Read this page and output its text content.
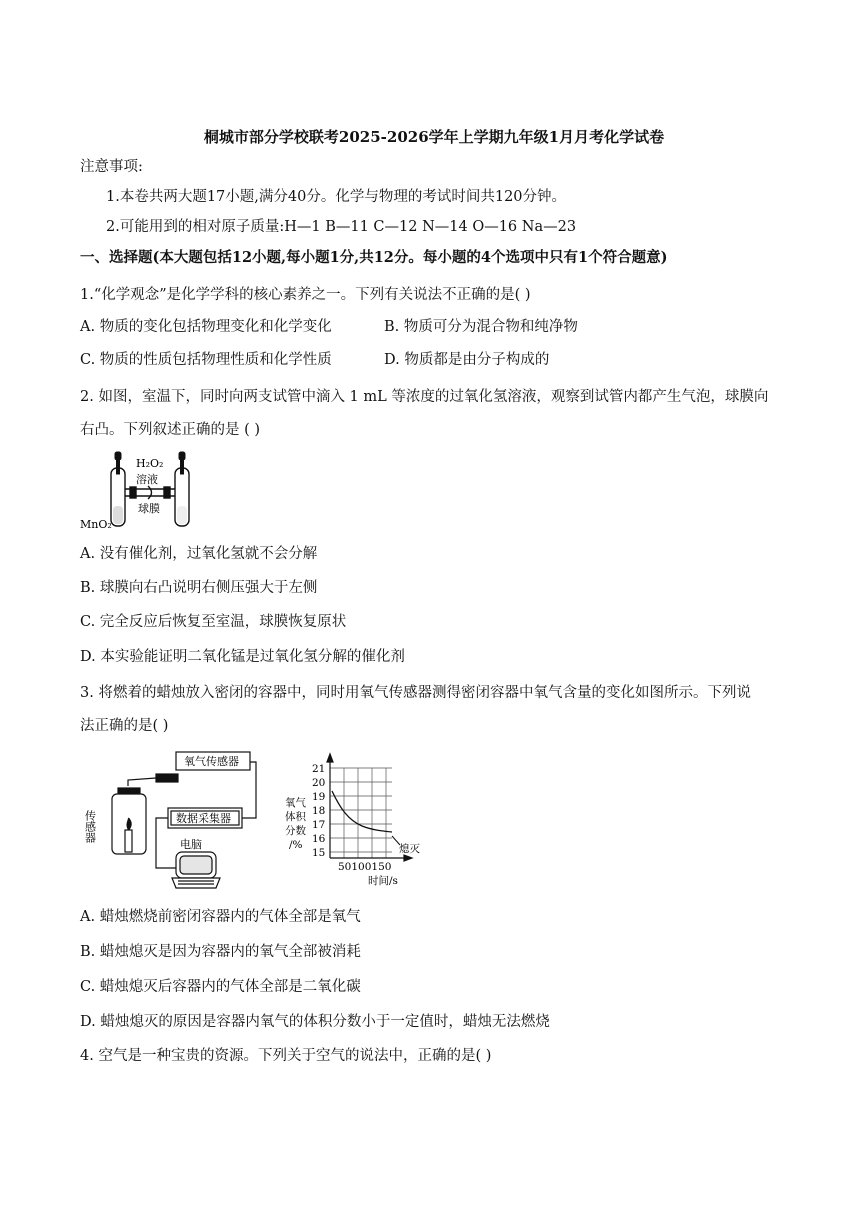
桐城市部分学校联考2025-2026学年上学期九年级1月月考化学试卷
注意事项:
1.本卷共两大题17小题,满分40分。化学与物理的考试时间共120分钟。
2.可能用到的相对原子质量:H—1 B—11 C—12 N—14 O—16 Na—23
一、选择题(本大题包括12小题,每小题1分,共12分。每小题的4个选项中只有1个符合题意)
1.“化学观念”是化学学科的核心素养之一。下列有关说法不正确的是( )
A. 物质的变化包括物理变化和化学变化	B. 物质可分为混合物和纯净物
C. 物质的性质包括物理性质和化学性质	D. 物质都是由分子构成的
2. 如图，室温下，同时向两支试管中滴入 1 mL 等浓度的过氧化氢溶液，观察到试管内都产生气泡，球膜向
右凸。下列叙述正确的是 ( )
H₂O₂
溶液
球膜
MnO₂
A. 没有催化剂，过氧化氢就不会分解
B. 球膜向右凸说明右侧压强大于左侧
C. 完全反应后恢复至室温，球膜恢复原状
D. 本实验能证明二氧化锰是过氧化氢分解的催化剂
3. 将燃着的蜡烛放入密闭的容器中，同时用氧气传感器测得密闭容器中氧气含量的变化如图所示。下列说
法正确的是( )
氧气传感器
数据采集器
电脑
传感器
氧气
体积
分数
/%
21
20
19
18
17
16
15	熄灭
50100150
时间/s
A. 蜡烛燃烧前密闭容器内的气体全部是氧气
B. 蜡烛熄灭是因为容器内的氧气全部被消耗
C. 蜡烛熄灭后容器内的气体全部是二氧化碳
D. 蜡烛熄灭的原因是容器内氧气的体积分数小于一定值时，蜡烛无法燃烧
4. 空气是一种宝贵的资源。下列关于空气的说法中，正确的是( )
